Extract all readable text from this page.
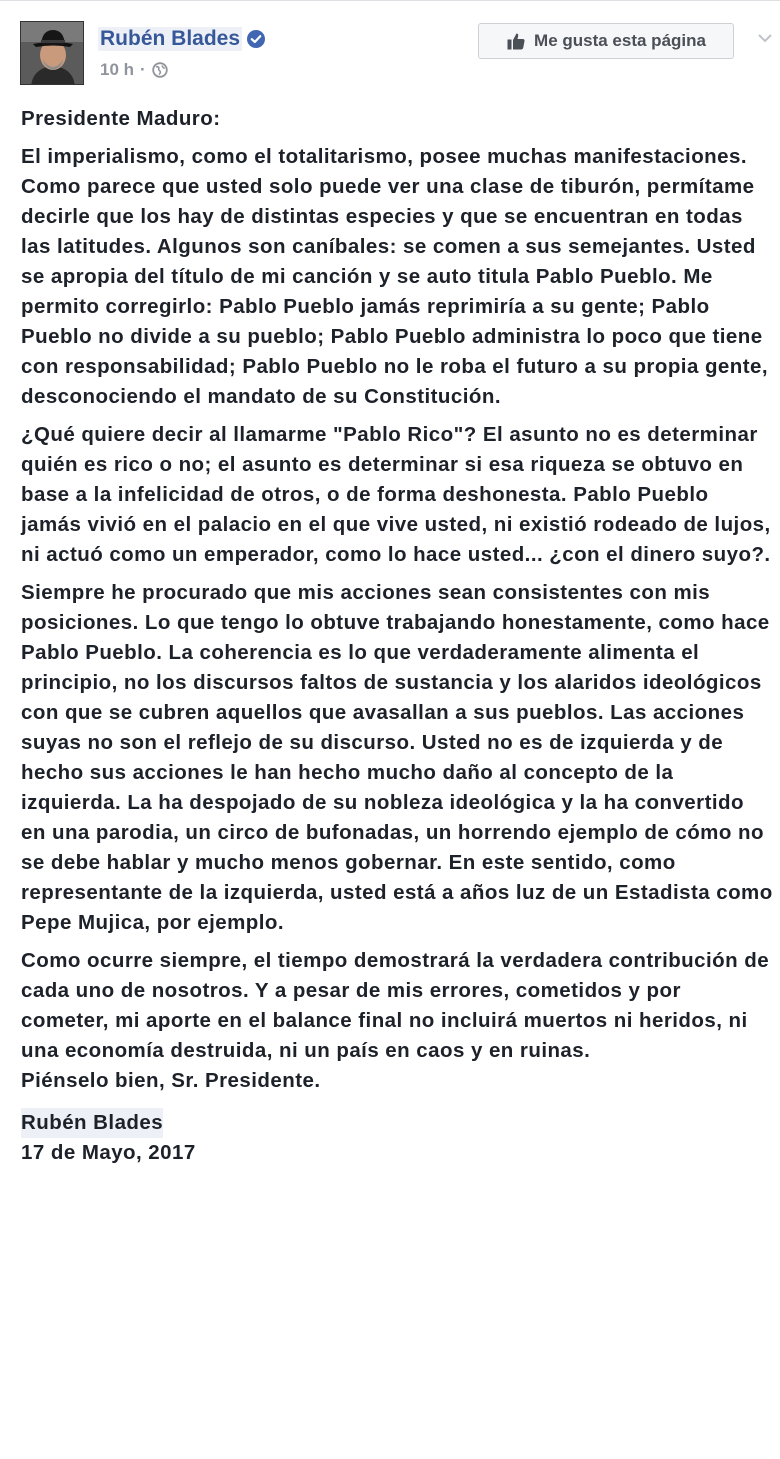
Rubén Blades
10 h ·
Me gusta esta página

Presidente Maduro:

El imperialismo, como el totalitarismo, posee muchas manifestaciones. Como parece que usted solo puede ver una clase de tiburón, permítame decirle que los hay de distintas especies y que se encuentran en todas las latitudes. Algunos son caníbales: se comen a sus semejantes. Usted se apropia del título de mi canción y se auto titula Pablo Pueblo. Me permito corregirlo: Pablo Pueblo jamás reprimiría a su gente; Pablo Pueblo no divide a su pueblo; Pablo Pueblo administra lo poco que tiene con responsabilidad; Pablo Pueblo no le roba el futuro a su propia gente, desconociendo el mandato de su Constitución.

¿Qué quiere decir al llamarme "Pablo Rico"? El asunto no es determinar quién es rico o no; el asunto es determinar si esa riqueza se obtuvo en base a la infelicidad de otros, o de forma deshonesta. Pablo Pueblo jamás vivió en el palacio en el que vive usted, ni existió rodeado de lujos, ni actuó como un emperador, como lo hace usted... ¿con el dinero suyo?.

Siempre he procurado que mis acciones sean consistentes con mis posiciones. Lo que tengo lo obtuve trabajando honestamente, como hace Pablo Pueblo. La coherencia es lo que verdaderamente alimenta el principio, no los discursos faltos de sustancia y los alaridos ideológicos con que se cubren aquellos que avasallan a sus pueblos. Las acciones suyas no son el reflejo de su discurso. Usted no es de izquierda y de hecho sus acciones le han hecho mucho daño al concepto de la izquierda. La ha despojado de su nobleza ideológica y la ha convertido en una parodia, un circo de bufonadas, un horrendo ejemplo de cómo no se debe hablar y mucho menos gobernar. En este sentido, como representante de la izquierda, usted está a años luz de un Estadista como Pepe Mujica, por ejemplo.

Como ocurre siempre, el tiempo demostrará la verdadera contribución de cada uno de nosotros. Y a pesar de mis errores, cometidos y por cometer, mi aporte en el balance final no incluirá muertos ni heridos, ni una economía destruida, ni un país en caos y en ruinas.

Piénselo bien, Sr. Presidente.

Rubén Blades
17 de Mayo, 2017
